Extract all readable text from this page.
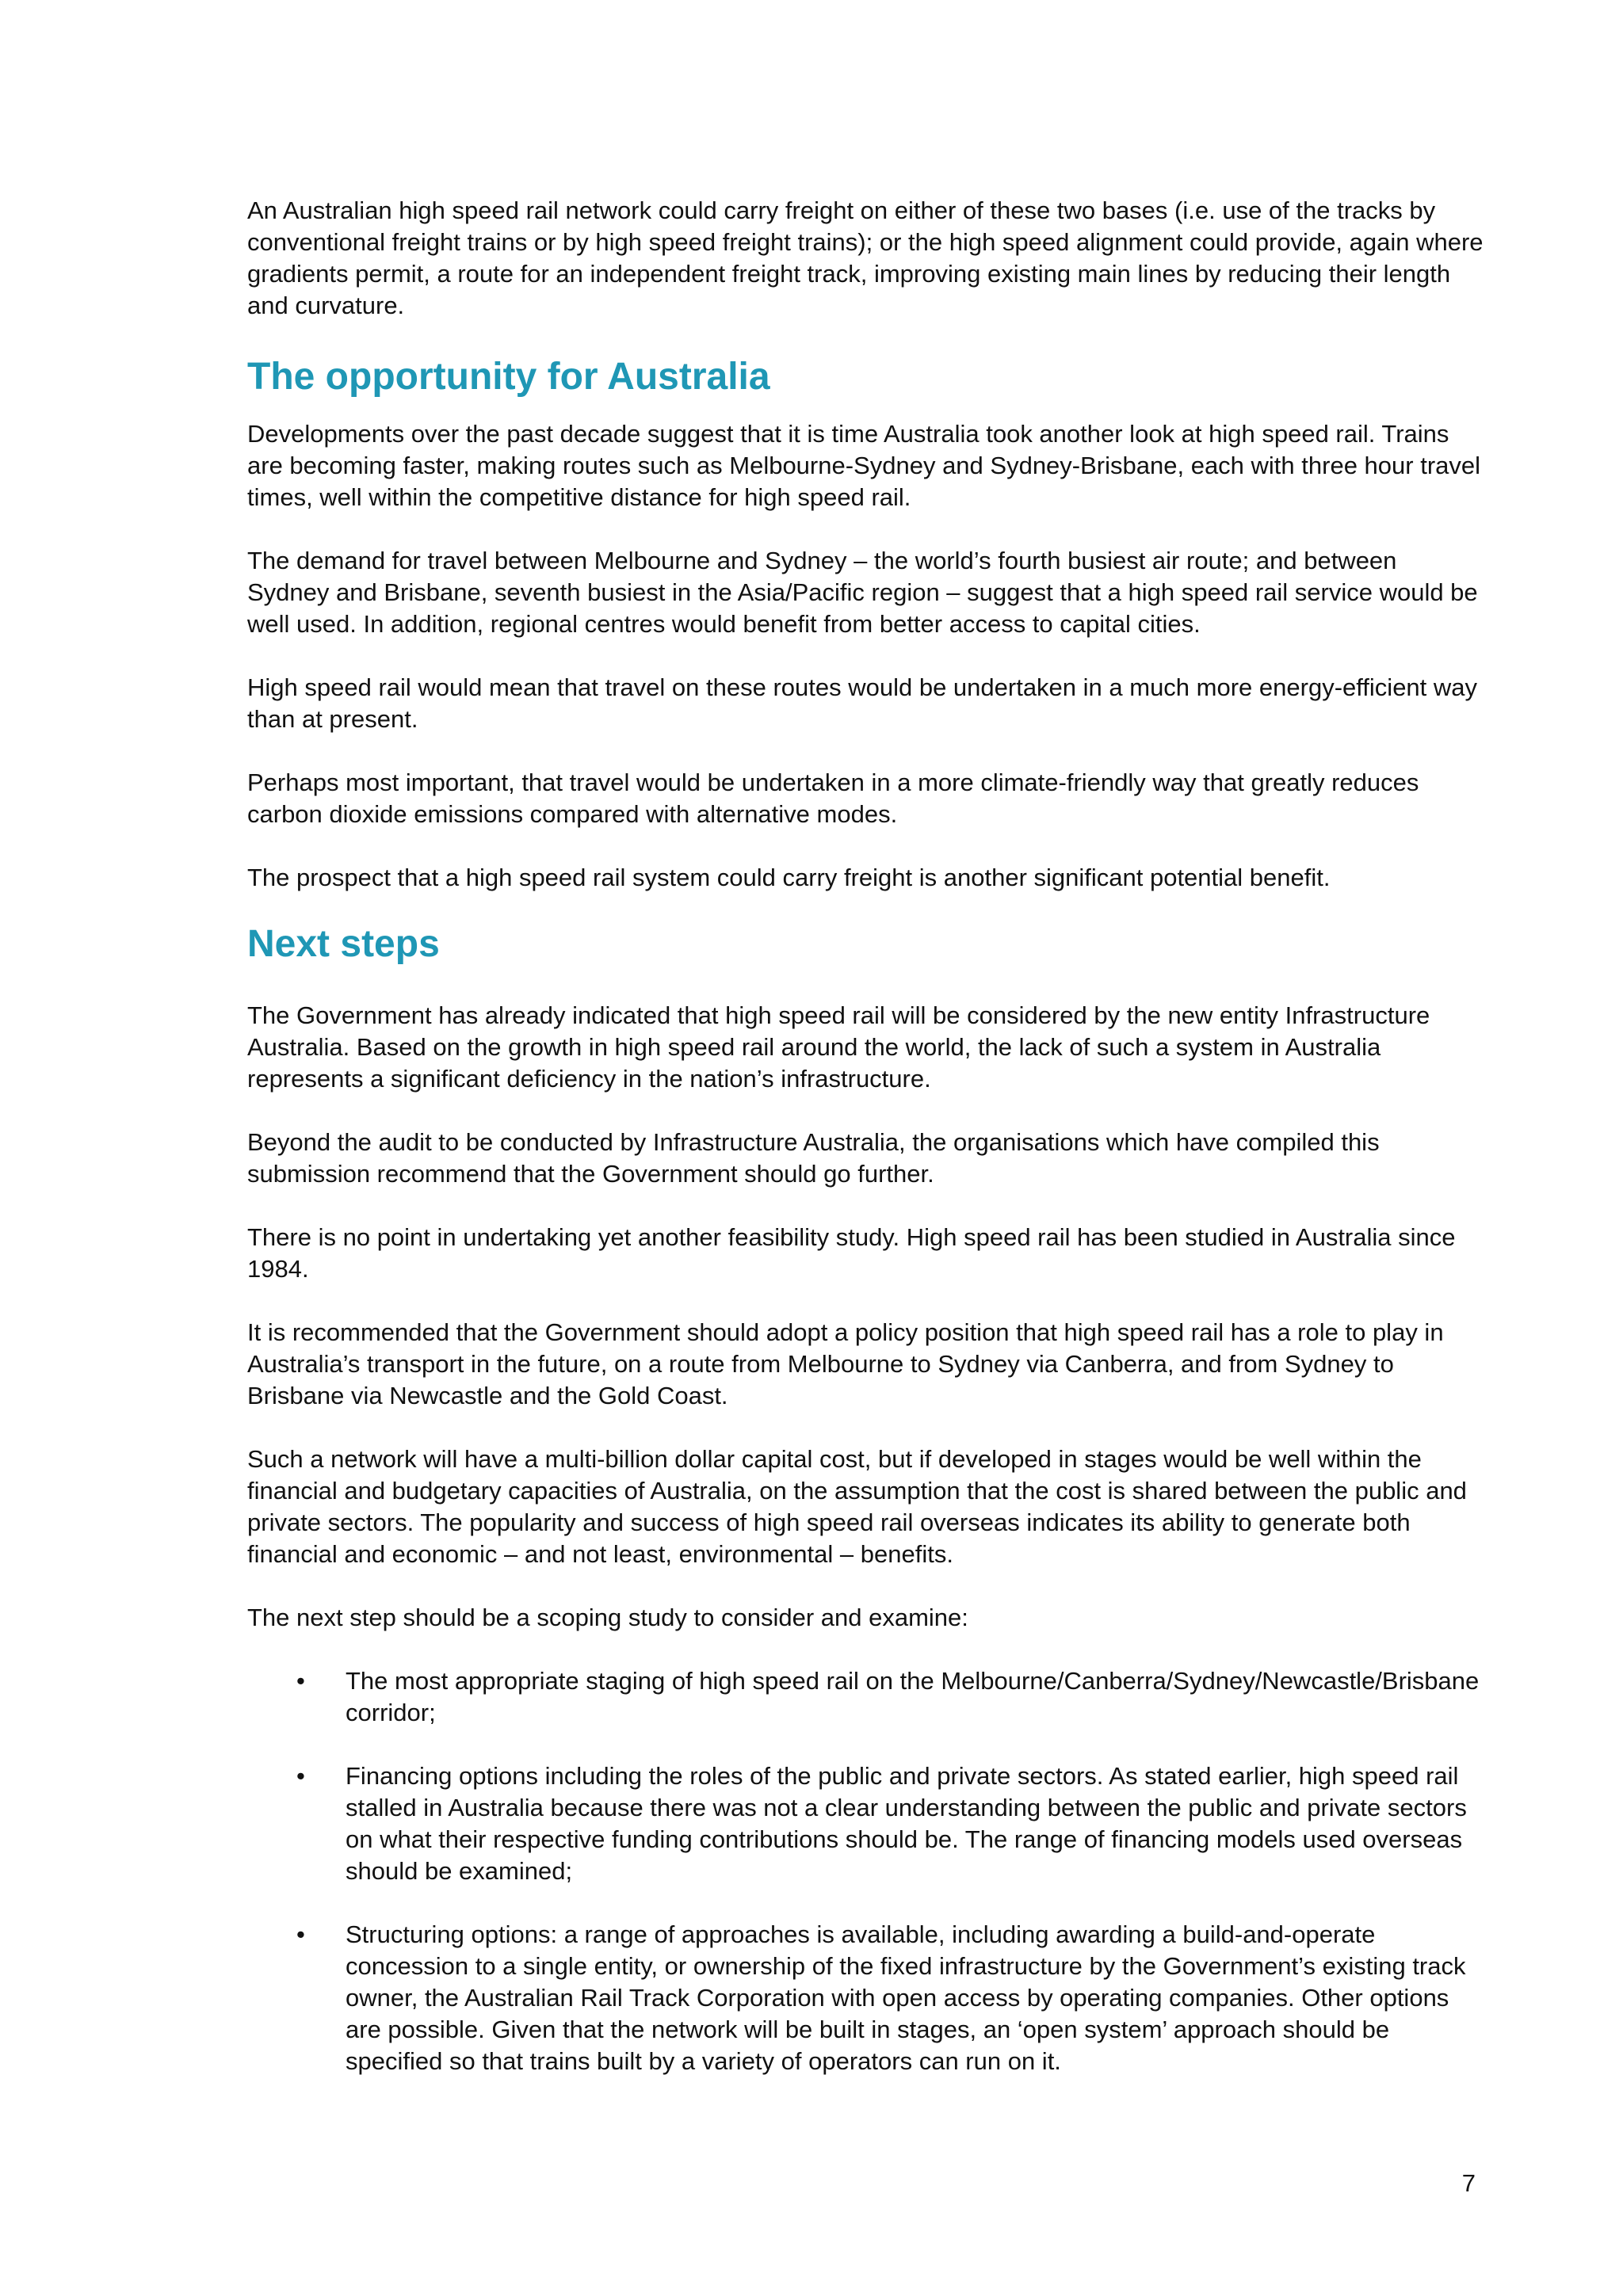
An Australian high speed rail network could carry freight on either of these two bases (i.e. use of the tracks by conventional freight trains or by high speed freight trains); or the high speed alignment could provide, again where gradients permit, a route for an independent freight track, improving existing main lines by reducing their length and curvature.

The opportunity for Australia

Developments over the past decade suggest that it is time Australia took another look at high speed rail. Trains are becoming faster, making routes such as Melbourne-Sydney and Sydney-Brisbane, each with three hour travel times, well within the competitive distance for high speed rail.

The demand for travel between Melbourne and Sydney – the world’s fourth busiest air route; and between Sydney and Brisbane, seventh busiest in the Asia/Pacific region – suggest that a high speed rail service would be well used. In addition, regional centres would benefit from better access to capital cities.

High speed rail would mean that travel on these routes would be undertaken in a much more energy-efficient way than at present.

Perhaps most important, that travel would be undertaken in a more climate-friendly way that greatly reduces carbon dioxide emissions compared with alternative modes.

The prospect that a high speed rail system could carry freight is another significant potential benefit.

Next steps

The Government has already indicated that high speed rail will be considered by the new entity Infrastructure Australia. Based on the growth in high speed rail around the world, the lack of such a system in Australia represents a significant deficiency in the nation’s infrastructure.

Beyond the audit to be conducted by Infrastructure Australia, the organisations which have compiled this submission recommend that the Government should go further.

There is no point in undertaking yet another feasibility study. High speed rail has been studied in Australia since 1984.

It is recommended that the Government should adopt a policy position that high speed rail has a role to play in Australia’s transport in the future, on a route from Melbourne to Sydney via Canberra, and from Sydney to Brisbane via Newcastle and the Gold Coast.

Such a network will have a multi-billion dollar capital cost, but if developed in stages would be well within the financial and budgetary capacities of Australia, on the assumption that the cost is shared between the public and private sectors. The popularity and success of high speed rail overseas indicates its ability to generate both financial and economic – and not least, environmental – benefits.

The next step should be a scoping study to consider and examine:

• The most appropriate staging of high speed rail on the Melbourne/Canberra/Sydney/Newcastle/Brisbane corridor;
• Financing options including the roles of the public and private sectors. As stated earlier, high speed rail stalled in Australia because there was not a clear understanding between the public and private sectors on what their respective funding contributions should be. The range of financing models used overseas should be examined;
• Structuring options: a range of approaches is available, including awarding a build-and-operate concession to a single entity, or ownership of the fixed infrastructure by the Government’s existing track owner, the Australian Rail Track Corporation with open access by operating companies. Other options are possible. Given that the network will be built in stages, an ‘open system’ approach should be specified so that trains built by a variety of operators can run on it.
7
